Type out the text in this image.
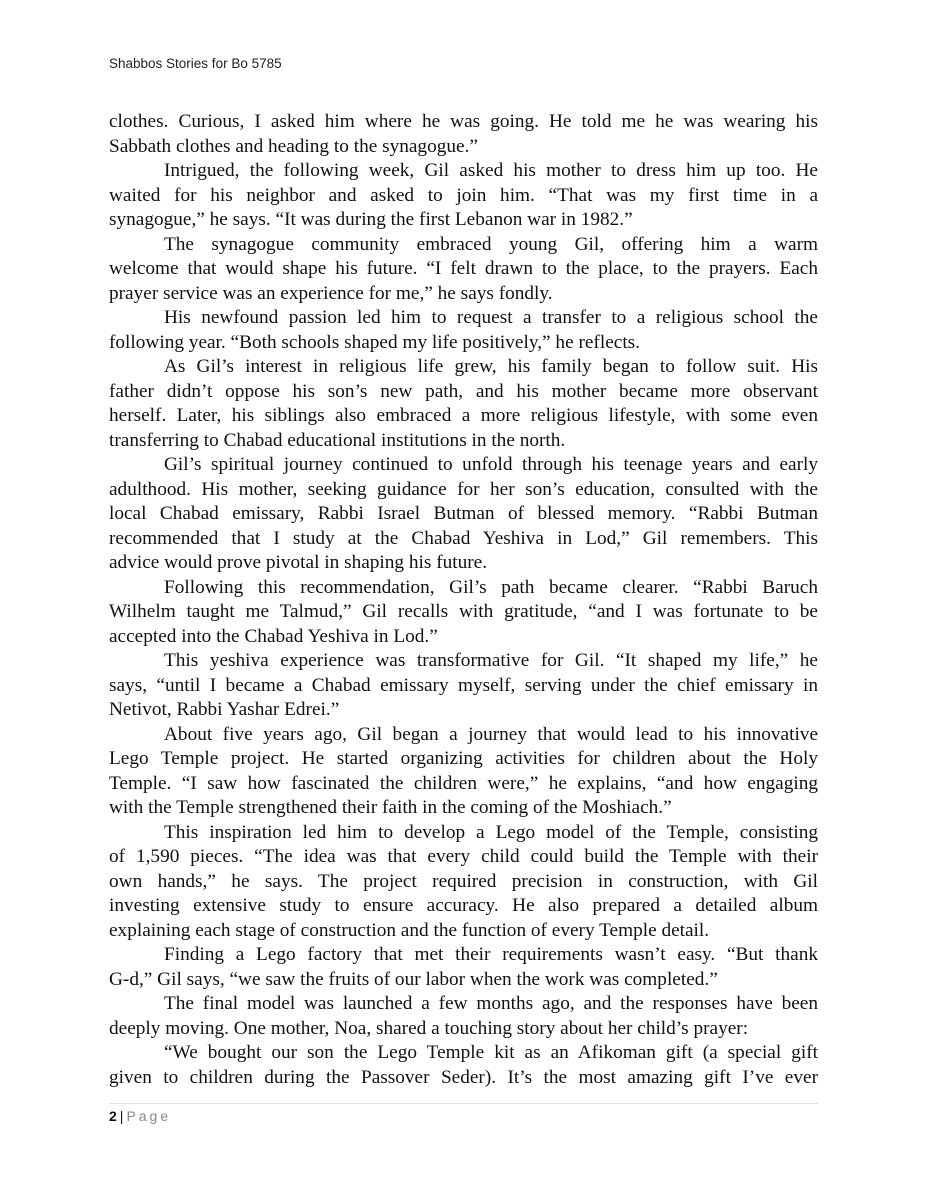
Shabbos Stories for Bo 5785
clothes. Curious, I asked him where he was going. He told me he was wearing his
Sabbath clothes and heading to the synagogue.”
Intrigued, the following week, Gil asked his mother to dress him up too. He
waited for his neighbor and asked to join him. “That was my first time in a
synagogue,” he says. “It was during the first Lebanon war in 1982.”
The synagogue community embraced young Gil, offering him a warm
welcome that would shape his future. “I felt drawn to the place, to the prayers. Each
prayer service was an experience for me,” he says fondly.
His newfound passion led him to request a transfer to a religious school the
following year. “Both schools shaped my life positively,” he reflects.
As Gil’s interest in religious life grew, his family began to follow suit. His
father didn’t oppose his son’s new path, and his mother became more observant
herself. Later, his siblings also embraced a more religious lifestyle, with some even
transferring to Chabad educational institutions in the north.
Gil’s spiritual journey continued to unfold through his teenage years and early
adulthood. His mother, seeking guidance for her son’s education, consulted with the
local Chabad emissary, Rabbi Israel Butman of blessed memory. “Rabbi Butman
recommended that I study at the Chabad Yeshiva in Lod,” Gil remembers. This
advice would prove pivotal in shaping his future.
Following this recommendation, Gil’s path became clearer. “Rabbi Baruch
Wilhelm taught me Talmud,” Gil recalls with gratitude, “and I was fortunate to be
accepted into the Chabad Yeshiva in Lod.”
This yeshiva experience was transformative for Gil. “It shaped my life,” he
says, “until I became a Chabad emissary myself, serving under the chief emissary in
Netivot, Rabbi Yashar Edrei.”
About five years ago, Gil began a journey that would lead to his innovative
Lego Temple project. He started organizing activities for children about the Holy
Temple. “I saw how fascinated the children were,” he explains, “and how engaging
with the Temple strengthened their faith in the coming of the Moshiach.”
This inspiration led him to develop a Lego model of the Temple, consisting
of 1,590 pieces. “The idea was that every child could build the Temple with their
own hands,” he says. The project required precision in construction, with Gil
investing extensive study to ensure accuracy. He also prepared a detailed album
explaining each stage of construction and the function of every Temple detail.
Finding a Lego factory that met their requirements wasn’t easy. “But thank
G-d,” Gil says, “we saw the fruits of our labor when the work was completed.”
The final model was launched a few months ago, and the responses have been
deeply moving. One mother, Noa, shared a touching story about her child’s prayer:
“We bought our son the Lego Temple kit as an Afikoman gift (a special gift
given to children during the Passover Seder). It’s the most amazing gift I’ve ever
2 | Page
